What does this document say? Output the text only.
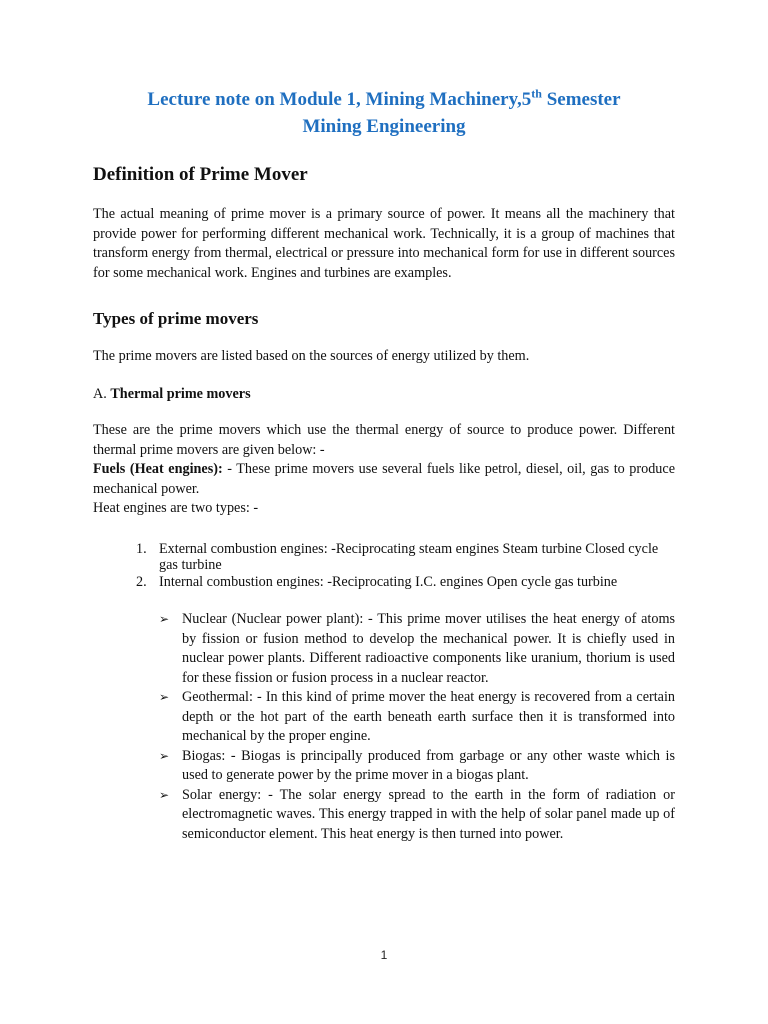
Lecture note on Module 1, Mining Machinery,5th Semester
Mining Engineering
Definition of Prime Mover

The actual meaning of prime mover is a primary source of power. It means all the machinery that provide power for performing different mechanical work. Technically, it is a group of machines that transform energy from thermal, electrical or pressure into mechanical form for use in different sources for some mechanical work. Engines and turbines are examples.

Types of prime movers

The prime movers are listed based on the sources of energy utilized by them.

A. Thermal prime movers

These are the prime movers which use the thermal energy of source to produce power. Different thermal prime movers are given below: -

Fuels (Heat engines): - These prime movers use several fuels like petrol, diesel, oil, gas to produce mechanical power.

Heat engines are two types: -

1. External combustion engines: -Reciprocating steam engines Steam turbine Closed cycle gas turbine
2. Internal combustion engines: -Reciprocating I.C. engines Open cycle gas turbine
➢ Nuclear (Nuclear power plant): - This prime mover utilises the heat energy of atoms by fission or fusion method to develop the mechanical power. It is chiefly used in nuclear power plants. Different radioactive components like uranium, thorium is used for these fission or fusion process in a nuclear reactor.
➢ Geothermal: - In this kind of prime mover the heat energy is recovered from a certain depth or the hot part of the earth beneath earth surface then it is transformed into mechanical by the proper engine.
➢ Biogas: - Biogas is principally produced from garbage or any other waste which is used to generate power by the prime mover in a biogas plant.
➢ Solar energy: - The solar energy spread to the earth in the form of radiation or electromagnetic waves. This energy trapped in with the help of solar panel made up of semiconductor element. This heat energy is then turned into power.
1
